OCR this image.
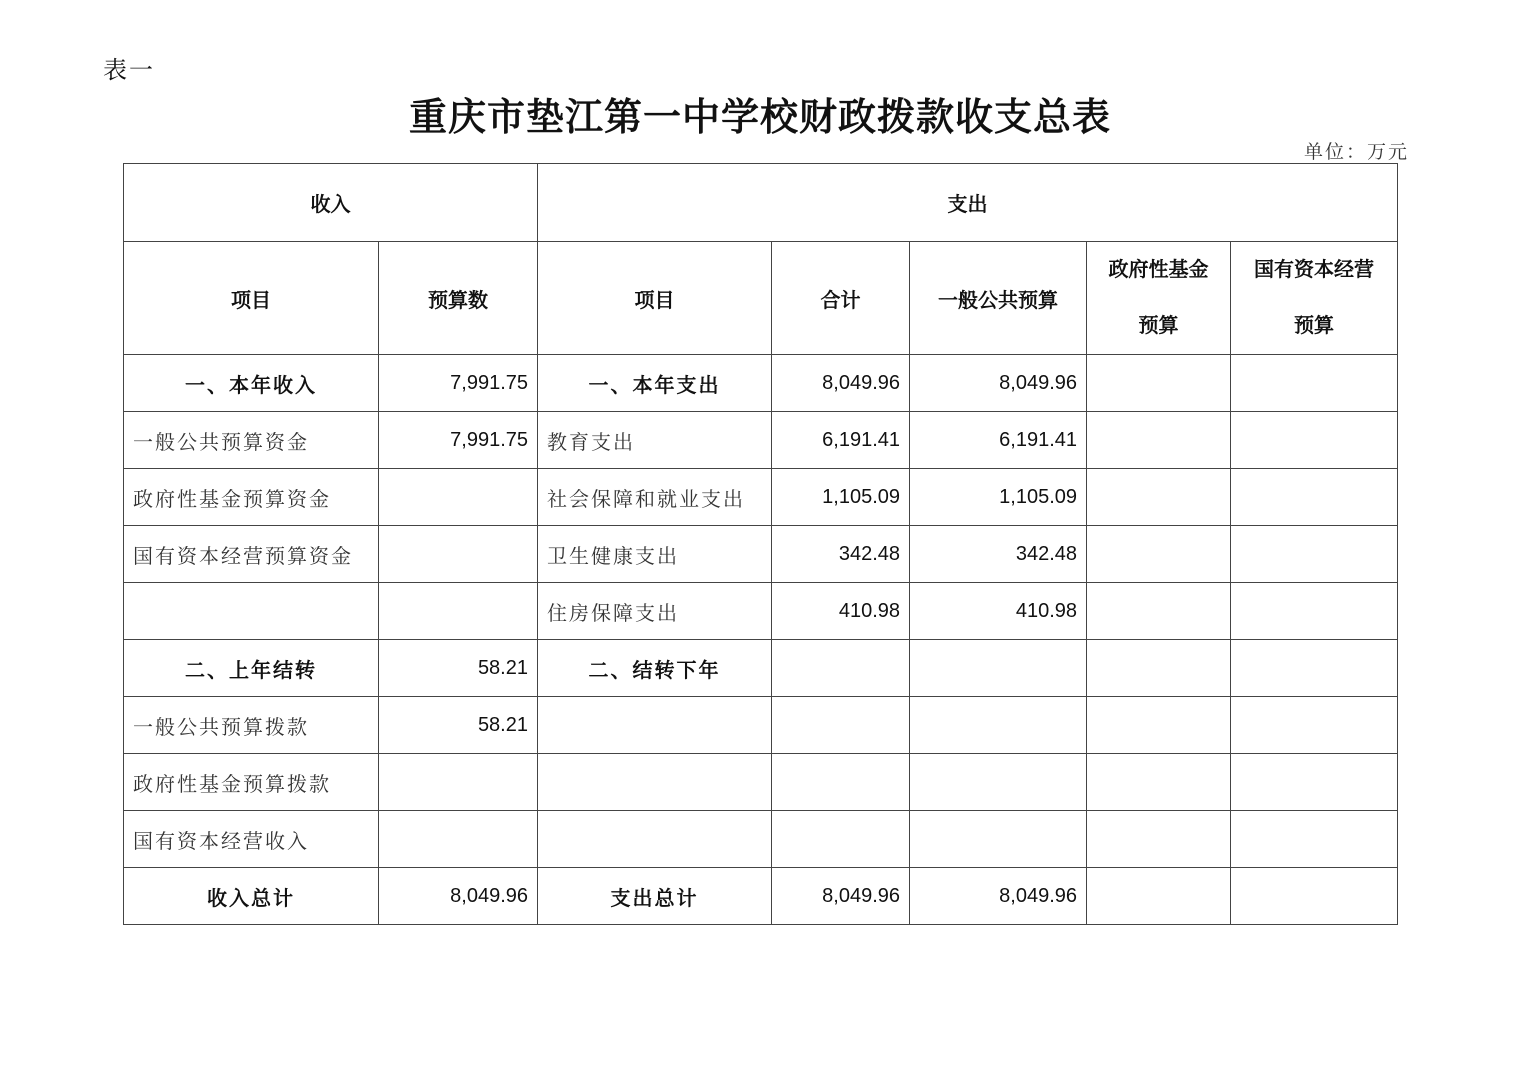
表一
重庆市垫江第一中学校财政拨款收支总表
单位：万元
收入		支出				
项目	预算数	项目	合计	一般公共预算	政府性基金预算	国有资本经营预算
一、本年收入	7,991.75	一、本年支出	8,049.96	8,049.96		
一般公共预算资金	7,991.75	教育支出	6,191.41	6,191.41		
政府性基金预算资金		社会保障和就业支出	1,105.09	1,105.09		
国有资本经营预算资金		卫生健康支出	342.48	342.48		
		住房保障支出	410.98	410.98		
二、上年结转	58.21	二、结转下年				
一般公共预算拨款	58.21					
政府性基金预算拨款						
国有资本经营收入						
收入总计	8,049.96	支出总计	8,049.96	8,049.96		
